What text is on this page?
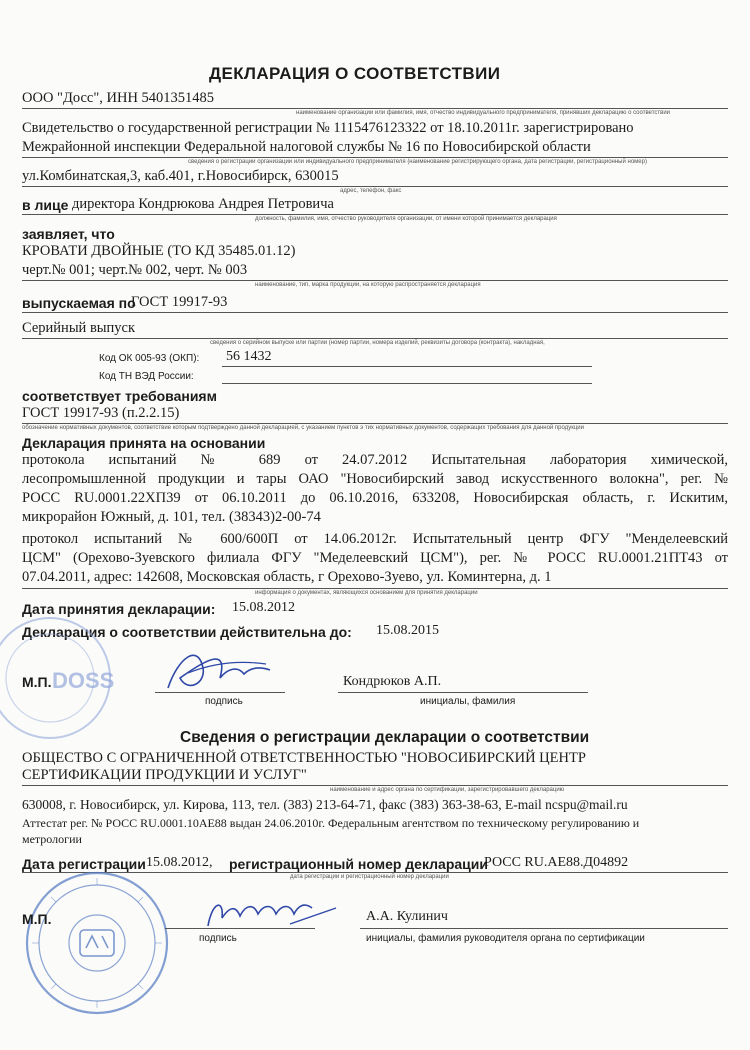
ДЕКЛАРАЦИЯ О СООТВЕТСТВИИ
ООО "Досс", ИНН 5401351485
наименование организации или фамилия, имя, отчество индивидуального предпринимателя, принявших декларацию о соответствии
Свидетельство о государственной регистрации № 1115476123322 от 18.10.2011г. зарегистрировано
Межрайонной инспекции Федеральной налоговой службы № 16 по Новосибирской области
сведения о регистрации организации или индивидуального предпринимателя (наименование регистрирующего органа, дата регистрации, регистрационный номер)
ул.Комбинатская,3, каб.401, г.Новосибирск, 630015
адрес, телефон, факс
в лице директора Кондрюкова Андрея Петровича
должность, фамилия, имя, отчество руководителя организации, от имени которой принимается декларация
заявляет, что
КРОВАТИ ДВОЙНЫЕ (ТО КД 35485.01.12)
черт.№ 001; черт.№ 002, черт. № 003
наименование, тип, марка продукции, на которую распространяется декларация
выпускаемая по
ГОСТ 19917-93
Серийный выпуск
сведения о серийном выпуске или партии (номер партии, номера изделий, реквизиты договора (контракта), накладная,
Код ОК 005-93 (ОКП): 56 1432
Код ТН ВЭД России:
соответствует требованиям
ГОСТ 19917-93 (п.2.2.15)
обозначение нормативных документов, соответствие которым подтверждено данной декларацией, с указанием пунктов э тих нормативных документов, содержащих требования для данной продукции
Декларация принята на основании
протокола испытаний № 689 от 24.07.2012 Испытательная лаборатория химической,
лесопромышленной продукции и тары ОАО "Новосибирский завод искусственного волокна", рег. №
РОСС RU.0001.22ХП39 от 06.10.2011 до 06.10.2016, 633208, Новосибирская область, г. Искитим,
микрорайон Южный, д. 101, тел. (38343)2-00-74
протокол испытаний № 600/600П от 14.06.2012г. Испытательный центр ФГУ "Менделеевский
ЦСМ" (Орехово-Зуевского филиала ФГУ "Меделеевский ЦСМ"), рег. № РОСС RU.0001.21ПТ43 от
07.04.2011, адрес: 142608, Московская область, г Орехово-Зуево, ул. Коминтерна, д. 1
информация о документах, являющихся основанием для принятия декларации
Дата принятия декларации: 15.08.2012
Декларация о соответствии действительна до: 15.08.2015
DOSS
М.П.
подпись
Кондрюков А.П.
инициалы, фамилия
Сведения о регистрации декларации о соответствии
ОБЩЕСТВО С ОГРАНИЧЕННОЙ ОТВЕТСТВЕННОСТЬЮ "НОВОСИБИРСКИЙ ЦЕНТР
СЕРТИФИКАЦИИ ПРОДУКЦИИ И УСЛУГ"
наименование и адрес органа по сертификации, зарегистрировавшего декларацию
630008, г. Новосибирск, ул. Кирова, 113, тел. (383) 213-64-71, факс (383) 363-38-63, E-mail ncspu@mail.ru
Аттестат рег. № РОСС RU.0001.10АЕ88 выдан 24.06.2010г. Федеральным агентством по техническому регулированию и
метрологии
Дата регистрации 15.08.2012, регистрационный номер декларации
РОСС RU.AE88.Д04892
дата регистрации и регистрационный номер декларации
М.П.
подпись
А.А. Кулинич
инициалы, фамилия руководителя органа по сертификации
